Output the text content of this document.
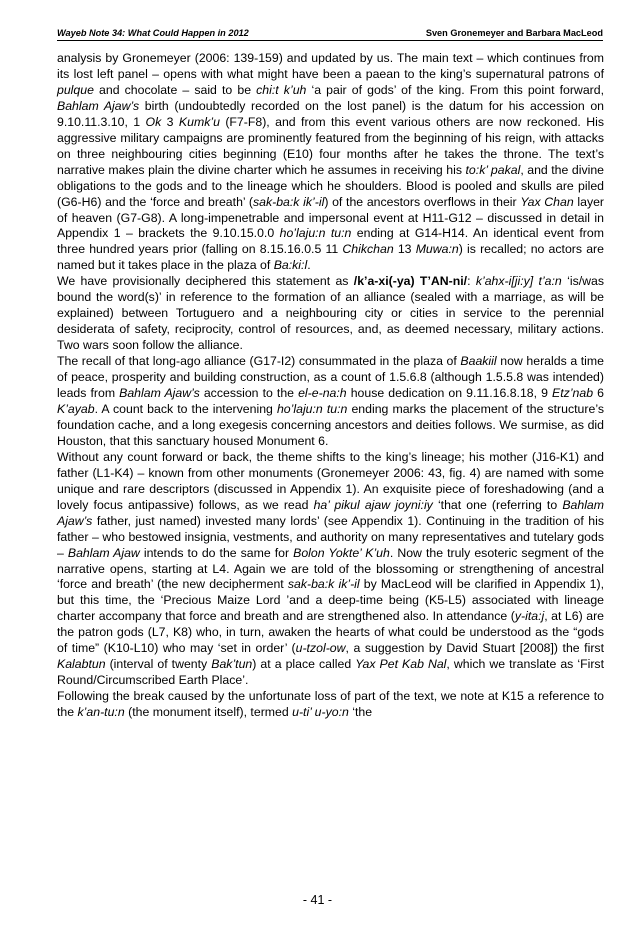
Wayeb Note 34: What Could Happen in 2012	Sven Gronemeyer and Barbara MacLeod

analysis by Gronemeyer (2006: 139-159) and updated by us. The main text – which continues from its lost left panel – opens with what might have been a paean to the king’s supernatural patrons of pulque and chocolate – said to be chi:t k’uh ‘a pair of gods’ of the king. From this point forward, Bahlam Ajaw’s birth (undoubtedly recorded on the lost panel) is the datum for his accession on 9.10.11.3.10, 1 Ok 3 Kumk’u (F7-F8), and from this event various others are now reckoned. His aggressive military campaigns are prominently featured from the beginning of his reign, with attacks on three neighbouring cities beginning (E10) four months after he takes the throne. The text’s narrative makes plain the divine charter which he assumes in receiving his to:k’ pakal, and the divine obligations to the gods and to the lineage which he shoulders. Blood is pooled and skulls are piled (G6-H6) and the ‘force and breath’ (sak-ba:k ik’-il) of the ancestors overflows in their Yax Chan layer of heaven (G7-G8). A long-impenetrable and impersonal event at H11-G12 – discussed in detail in Appendix 1 – brackets the 9.10.15.0.0 ho’laju:n tu:n ending at G14-H14. An identical event from three hundred years prior (falling on 8.15.16.0.5 11 Chikchan 13 Muwa:n) is recalled; no actors are named but it takes place in the plaza of Ba:ki:l.

We have provisionally deciphered this statement as /k’a-xi(-ya) T’AN-ni/: k’ahx-i[ji:y] t’a:n ‘is/was bound the word(s)’ in reference to the formation of an alliance (sealed with a marriage, as will be explained) between Tortuguero and a neighbouring city or cities in service to the perennial desiderata of safety, reciprocity, control of resources, and, as deemed necessary, military actions. Two wars soon follow the alliance.

The recall of that long-ago alliance (G17-I2) consummated in the plaza of Baakiil now heralds a time of peace, prosperity and building construction, as a count of 1.5.6.8 (although 1.5.5.8 was intended) leads from Bahlam Ajaw’s accession to the el-e-na:h house dedication on 9.11.16.8.18, 9 Etz’nab 6 K’ayab. A count back to the intervening ho’laju:n tu:n ending marks the placement of the structure’s foundation cache, and a long exegesis concerning ancestors and deities follows. We surmise, as did Houston, that this sanctuary housed Monument 6.

Without any count forward or back, the theme shifts to the king’s lineage; his mother (J16-K1) and father (L1-K4) – known from other monuments (Gronemeyer 2006: 43, fig. 4) are named with some unique and rare descriptors (discussed in Appendix 1). An exquisite piece of foreshadowing (and a lovely focus antipassive) follows, as we read ha’ pikul ajaw joyni:iy ‘that one (referring to Bahlam Ajaw’s father, just named) invested many lords’ (see Appendix 1). Continuing in the tradition of his father – who bestowed insignia, vestments, and authority on many representatives and tutelary gods – Bahlam Ajaw intends to do the same for Bolon Yokte’ K’uh. Now the truly esoteric segment of the narrative opens, starting at L4. Again we are told of the blossoming or strengthening of ancestral ‘force and breath’ (the new decipherment sak-ba:k ik’-il by MacLeod will be clarified in Appendix 1), but this time, the ‘Precious Maize Lord ’and a deep-time being (K5-L5) associated with lineage charter accompany that force and breath and are strengthened also. In attendance (y-ita:j, at L6) are the patron gods (L7, K8) who, in turn, awaken the hearts of what could be understood as the “gods of time” (K10-L10) who may ‘set in order’ (u-tzol-ow, a suggestion by David Stuart [2008]) the first Kalabtun (interval of twenty Bak’tun) at a place called Yax Pet Kab Nal, which we translate as ‘First Round/Circumscribed Earth Place’.

Following the break caused by the unfortunate loss of part of the text, we note at K15 a reference to the k’an-tu:n (the monument itself), termed u-ti’ u-yo:n ‘the

- 41 -
